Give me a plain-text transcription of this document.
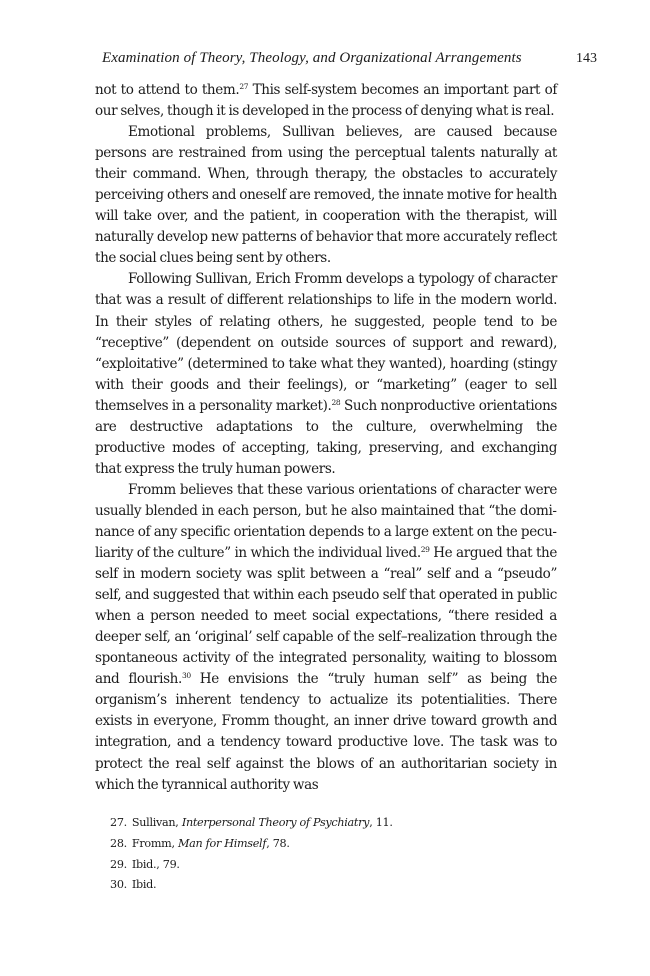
Examination of Theory, Theology, and Organizational Arrangements	143

not to attend to them.$^{27}$ This self-system becomes an important part of our selves, though it is developed in the process of denying what is real.

Emotional problems, Sullivan believes, are caused because persons are restrained from using the perceptual talents naturally at their command. When, through therapy, the obstacles to accurately perceiving others and oneself are removed, the innate motive for health will take over, and the patient, in cooperation with the therapist, will naturally develop new patterns of behavior that more accurately reflect the social clues being sent by others.

Following Sullivan, Erich Fromm develops a typology of character that was a result of different relationships to life in the modern world. In their styles of relating others, he suggested, people tend to be “receptive” (dependent on outside sources of support and reward), “exploitative” (determined to take what they wanted), hoarding (stingy with their goods and their feelings), or “marketing” (eager to sell themselves in a personality market).$^{28}$ Such nonproductive orientations are destructive adaptations to the culture, overwhelming the productive modes of accepting, taking, preserving, and exchanging that express the truly human powers.

Fromm believes that these various orientations of character were usually blended in each person, but he also maintained that “the dominance of any specific orientation depends to a large extent on the peculiarity of the culture” in which the individual lived.$^{29}$ He argued that the self in modern society was split between a “real” self and a “pseudo” self, and suggested that within each pseudo self that operated in public when a person needed to meet social expectations, “there resided a deeper self, an ‘original’ self capable of the self–realization through the spontaneous activity of the integrated personality, waiting to blossom and flourish.$^{30}$ He envisions the “truly human self” as being the organism’s inherent tendency to actualize its potentialities. There exists in everyone, Fromm thought, an inner drive toward growth and integration, and a tendency toward productive love. The task was to protect the real self against the blows of an authoritarian society in which the tyrannical authority was

27. Sullivan, Interpersonal Theory of Psychiatry, 11.
28. Fromm, Man for Himself, 78.
29. Ibid., 79.
30. Ibid.
